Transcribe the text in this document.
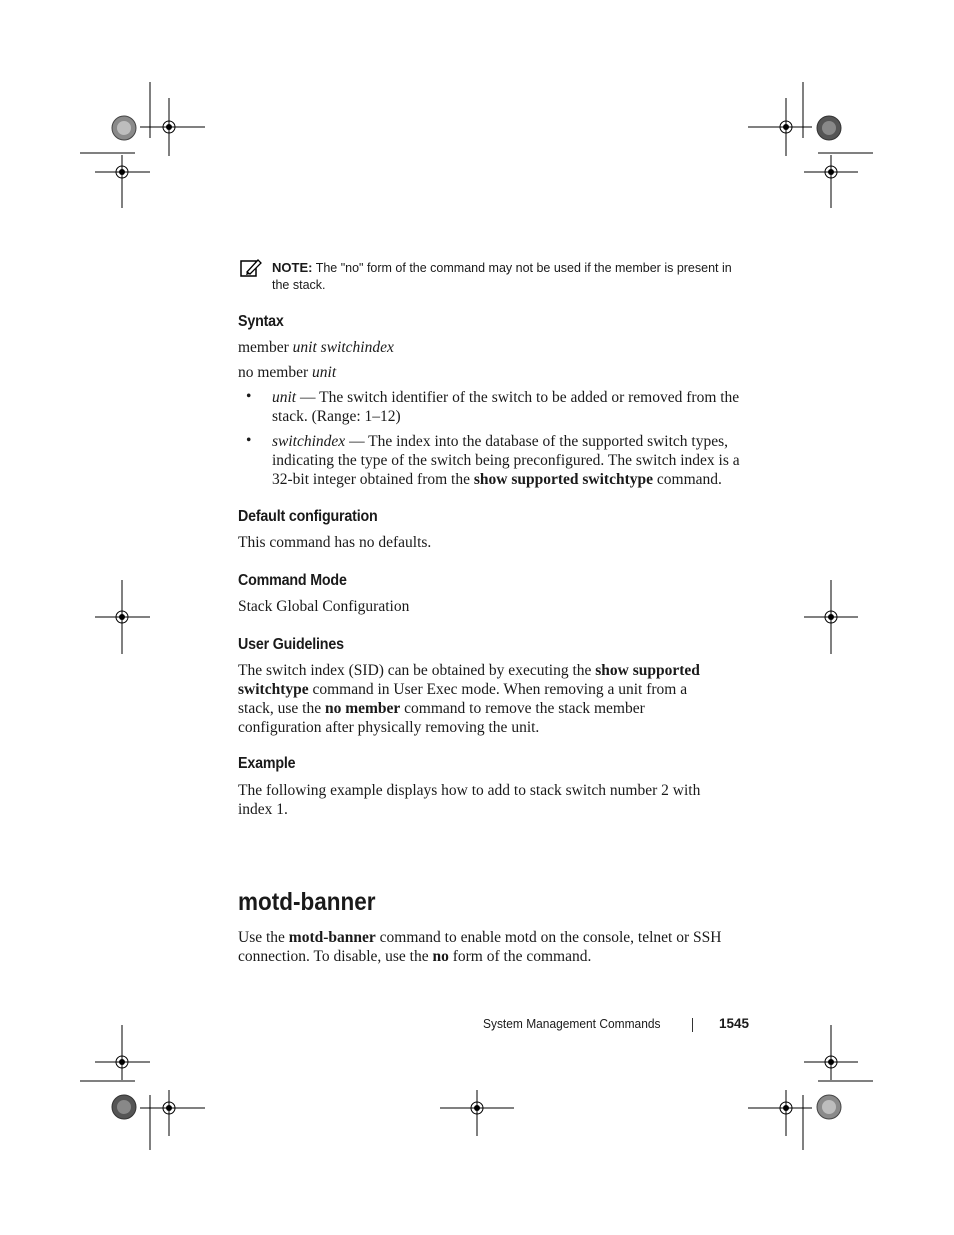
NOTE: The "no" form of the command may not be used if the member is present in the stack.
Syntax
member unit switchindex
no member unit
• unit — The switch identifier of the switch to be added or removed from the stack. (Range: 1–12)
• switchindex — The index into the database of the supported switch types, indicating the type of the switch being preconfigured. The switch index is a 32-bit integer obtained from the show supported switchtype command.
Default configuration
This command has no defaults.
Command Mode
Stack Global Configuration
User Guidelines
The switch index (SID) can be obtained by executing the show supported switchtype command in User Exec mode. When removing a unit from a stack, use the no member command to remove the stack member configuration after physically removing the unit.
Example
The following example displays how to add to stack switch number 2 with index 1.
motd-banner
Use the motd-banner command to enable motd on the console, telnet or SSH connection. To disable, use the no form of the command.
System Management Commands	1545
